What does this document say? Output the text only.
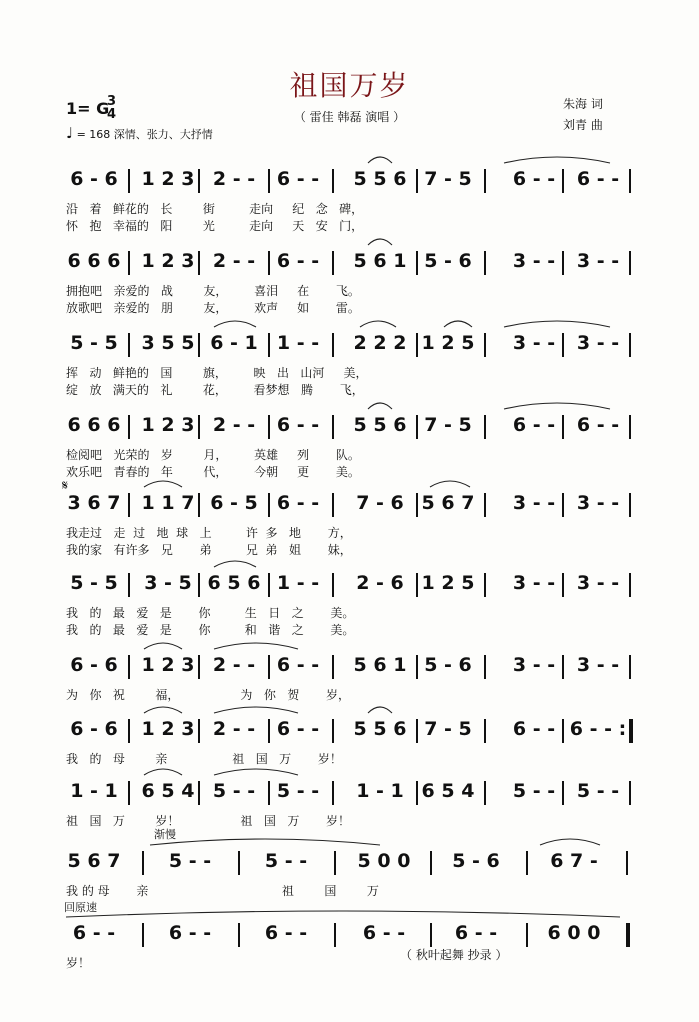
祖国万岁
（ 雷佳 韩磊 演唱 ）
朱海 词
刘青 曲
1= G
3
4
♩ = 168 深情、张力、大抒情
𝄋
渐慢
回原速
（ 秋叶起舞 抄录 ）
6 - 6	1 2 3 2 - -	6 - -	5 5 6 7 - 5	6 - -	6 - -
沿   着   鲜花的   长        街         走向     纪   念   碑，
怀   抱   幸福的   阳        光         走向     天   安   门，
6 6 6	1 2 3 2 - -	6 - -	5 6 1 5 - 6	3 - -	3 - -
拥抱吧   亲爱的   战        友，       喜泪     在       飞。
放歌吧   亲爱的   朋        友，       欢声     如       雷。
5 - 5	3 5 5 6 - 1	1 - -	2 2 2 1 2 5	3 - -	3 - -
挥   动   鲜艳的   国        旗，       映   出   山河     美，
绽   放   满天的   礼        花，       看梦想   腾       飞，
6 6 6	1 2 3 2 - -	6 - -	5 5 6 7 - 5	6 - -	6 - -
检阅吧   光荣的   岁        月，       英雄     列       队。
欢乐吧   青春的   年        代，       今朝     更       美。
3 6 7	1 1 7 6 - 5	6 - -	7 - 6 5 6 7	3 - -	3 - -
我走过   走  过   地  球   上         许  多   地       方，
我的家   有许多   兄       弟         兄  弟   姐       妹，
5 - 5	3 - 5 6 5 6 1 - -	2 - 6 1 2 5	3 - -	3 - -
我   的   最   爱   是       你         生   日   之       美。
我   的   最   爱   是       你         和   谐   之       美。
6 - 6	1 2 3 2 - -	6 - -	5 6 1 5 - 6	3 - -	3 - -
为   你   祝        福，                为   你   贺       岁，
6 - 6	1 2 3 2 - -	6 - -	5 5 6 7 - 5	6 - - 6 - - :
我   的   母        亲                 祖   国   万       岁！
1 - 1	6 5 4 5 - -	5 - -	1 - 1 6 5 4	5 - -	5 - -
祖   国   万        岁！                祖   国   万       岁！
5 6 7	5 - -	5 - -	5 0 0	5 - 6	6 7 -
我 的 母       亲                                   祖        国        万
6 - -	6 - -	6 - -	6 - -	6 - -	6 0 0
岁！
